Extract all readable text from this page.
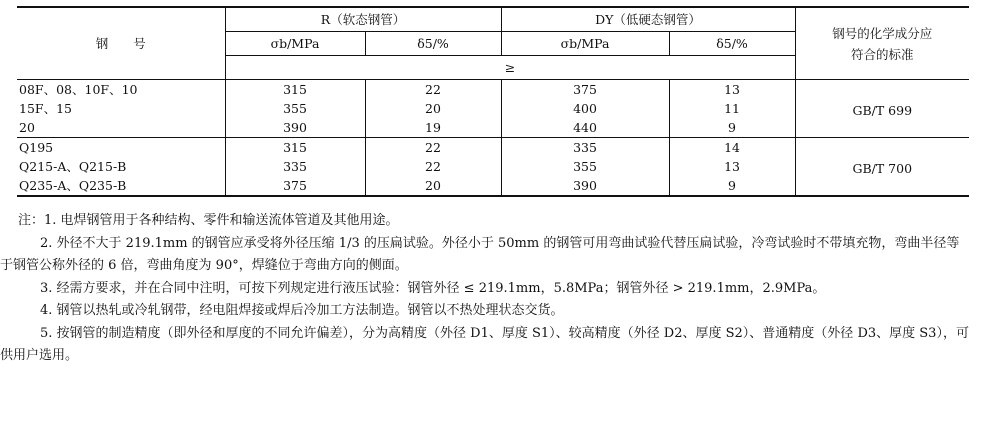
钢　　号	R（软态钢管）		DY（低硬态钢管）		钢号的化学成分应符合的标准
	σb/MPa	δ5/%	σb/MPa	δ5/%	
	≥				
08F、08、10F、10	315	22	375	13	GB/T 699
15F、15	355	20	400	11	
20	390	19	440	9	
Q195	315	22	335	14	GB/T 700
Q215-A、Q215-B	335	22	355	13	
Q235-A、Q235-B	375	20	390	9	
注：1. 电焊钢管用于各种结构、零件和输送流体管道及其他用途。
2. 外径不大于 219.1mm 的钢管应承受将外径压缩 1/3 的压扁试验。外径小于 50mm 的钢管可用弯曲试验代替压扁试验，冷弯试验时不带填充物，弯曲半径等于钢管公称外径的 6 倍，弯曲角度为 90°，焊缝位于弯曲方向的侧面。
3. 经需方要求，并在合同中注明，可按下列规定进行液压试验：钢管外径 ≤ 219.1mm，5.8MPa；钢管外径 > 219.1mm，2.9MPa。
4. 钢管以热轧或冷轧钢带，经电阻焊接或焊后冷加工方法制造。钢管以不热处理状态交货。
5. 按钢管的制造精度（即外径和厚度的不同允许偏差），分为高精度（外径 D1、厚度 S1）、较高精度（外径 D2、厚度 S2）、普通精度（外径 D3、厚度 S3），可供用户选用。
